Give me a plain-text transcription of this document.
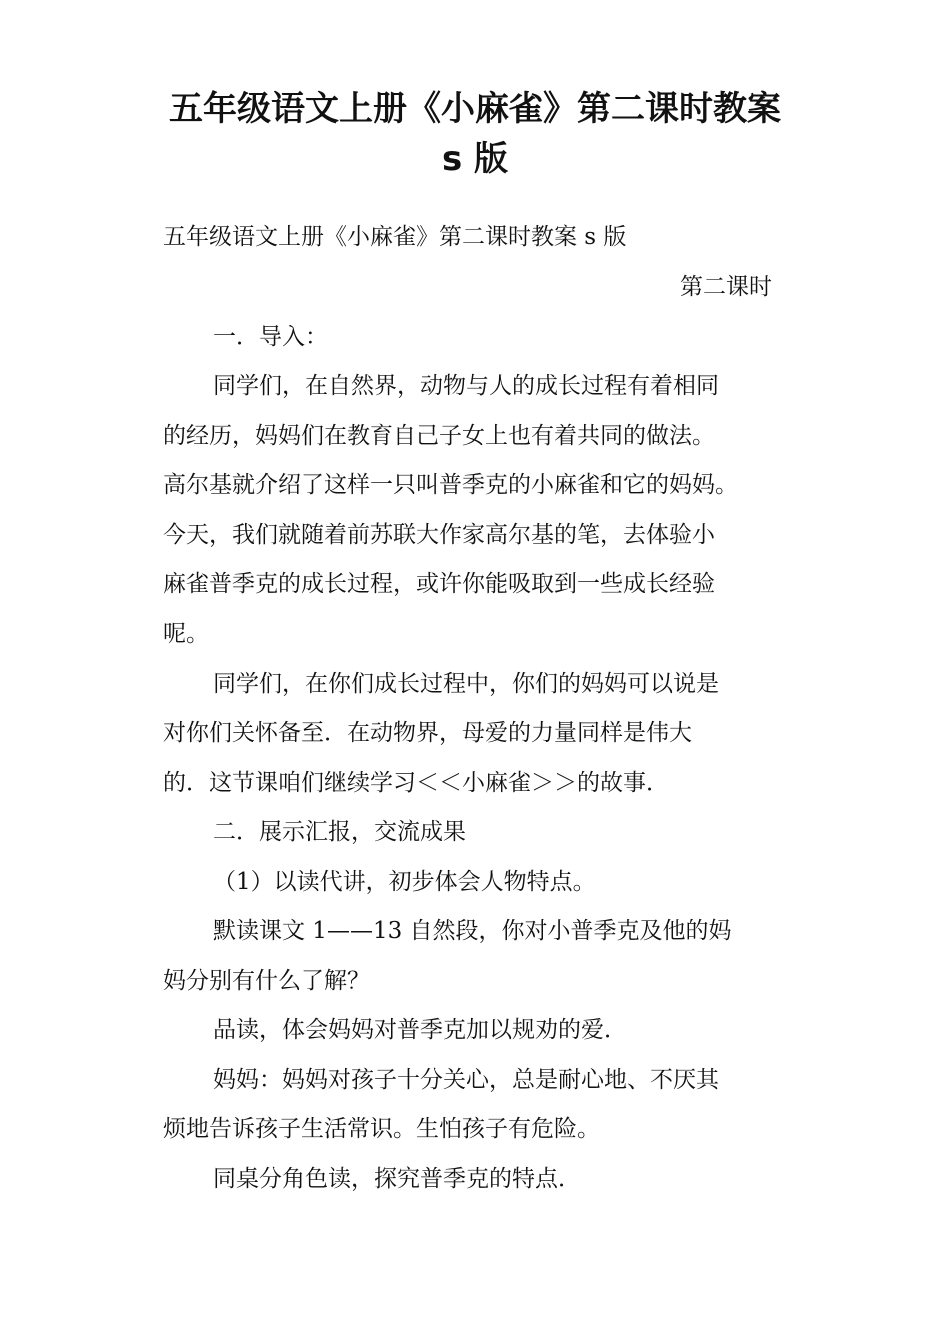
五年级语文上册《小麻雀》第二课时教案
s 版

五年级语文上册《小麻雀》第二课时教案 s 版

第二课时

一．导入：

同学们，在自然界，动物与人的成长过程有着相同

的经历，妈妈们在教育自己子女上也有着共同的做法。

高尔基就介绍了这样一只叫普季克的小麻雀和它的妈妈。

今天，我们就随着前苏联大作家高尔基的笔，去体验小

麻雀普季克的成长过程，或许你能吸取到一些成长经验

呢。

同学们，在你们成长过程中，你们的妈妈可以说是

对你们关怀备至．在动物界，母爱的力量同样是伟大

的．这节课咱们继续学习＜＜小麻雀＞＞的故事．

二．展示汇报，交流成果

（1）以读代讲，初步体会人物特点。

默读课文 1——13 自然段，你对小普季克及他的妈

妈分别有什么了解？

品读，体会妈妈对普季克加以规劝的爱．

妈妈：妈妈对孩子十分关心，总是耐心地、不厌其

烦地告诉孩子生活常识。生怕孩子有危险。

同桌分角色读，探究普季克的特点．
